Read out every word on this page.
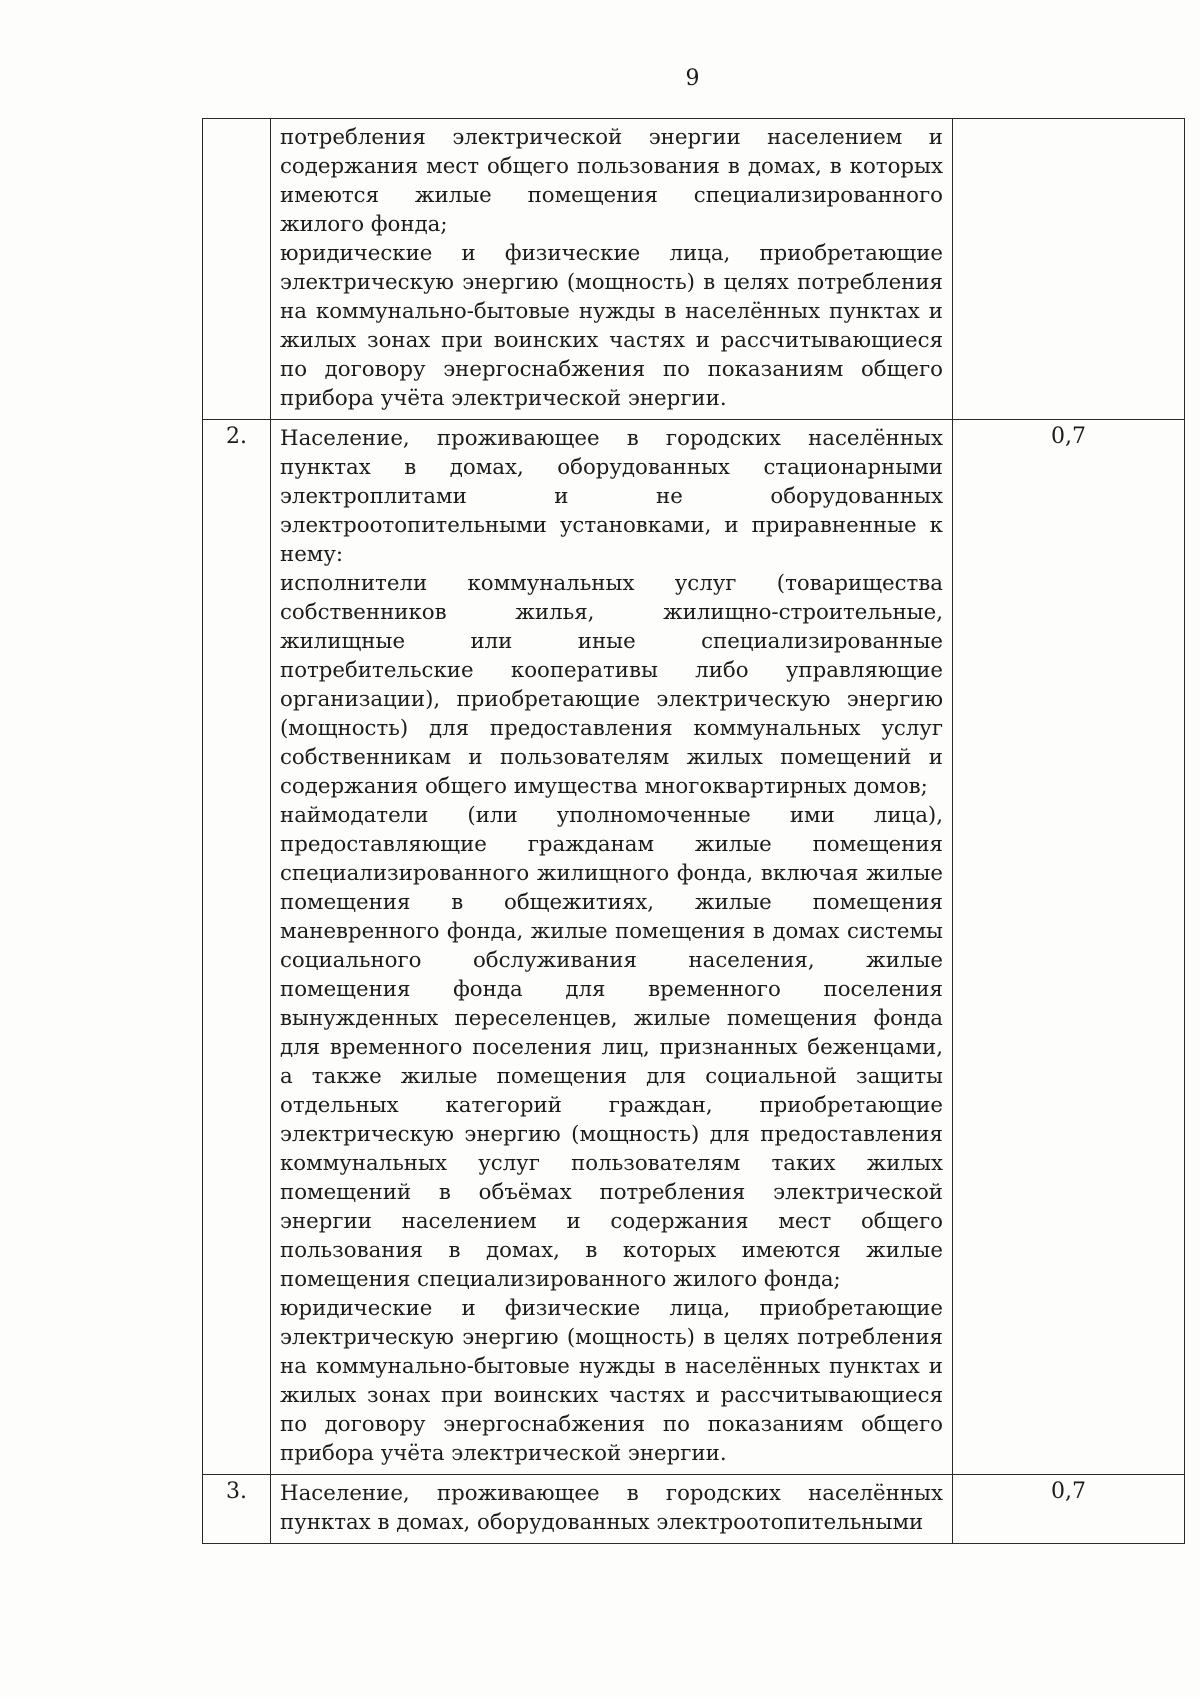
9

	потребления электрической энергии населением и содержания мест общего пользования в домах, в которых имеются жилые помещения специализированного жилого фонда;

юридические и физические лица, приобретающие электрическую энергию (мощность) в целях потребления на коммунально-бытовые нужды в населённых пунктах и жилых зонах при воинских частях и рассчитывающиеся по договору энергоснабжения по показаниям общего прибора учёта электрической энергии.	

2.	Население, проживающее в городских населённых пунктах в домах, оборудованных стационарными электроплитами и не оборудованных электроотопительными установками, и приравненные к нему:

исполнители коммунальных услуг (товарищества собственников жилья, жилищно-строительные, жилищные или иные специализированные потребительские кооперативы либо управляющие организации), приобретающие электрическую энергию (мощность) для предоставления коммунальных услуг собственникам и пользователям жилых помещений и содержания общего имущества многоквартирных домов;

наймодатели (или уполномоченные ими лица), предоставляющие гражданам жилые помещения специализированного жилищного фонда, включая жилые помещения в общежитиях, жилые помещения маневренного фонда, жилые помещения в домах системы социального обслуживания населения, жилые помещения фонда для временного поселения вынужденных переселенцев, жилые помещения фонда для временного поселения лиц, признанных беженцами, а также жилые помещения для социальной защиты отдельных категорий граждан, приобретающие электрическую энергию (мощность) для предоставления коммунальных услуг пользователям таких жилых помещений в объёмах потребления электрической энергии населением и содержания мест общего пользования в домах, в которых имеются жилые помещения специализированного жилого фонда;

юридические и физические лица, приобретающие электрическую энергию (мощность) в целях потребления на коммунально-бытовые нужды в населённых пунктах и жилых зонах при воинских частях и рассчитывающиеся по договору энергоснабжения по показаниям общего прибора учёта электрической энергии.	0,7
3.	Население, проживающее в городских населённых пунктах в домах, оборудованных электроотопительными	0,7
